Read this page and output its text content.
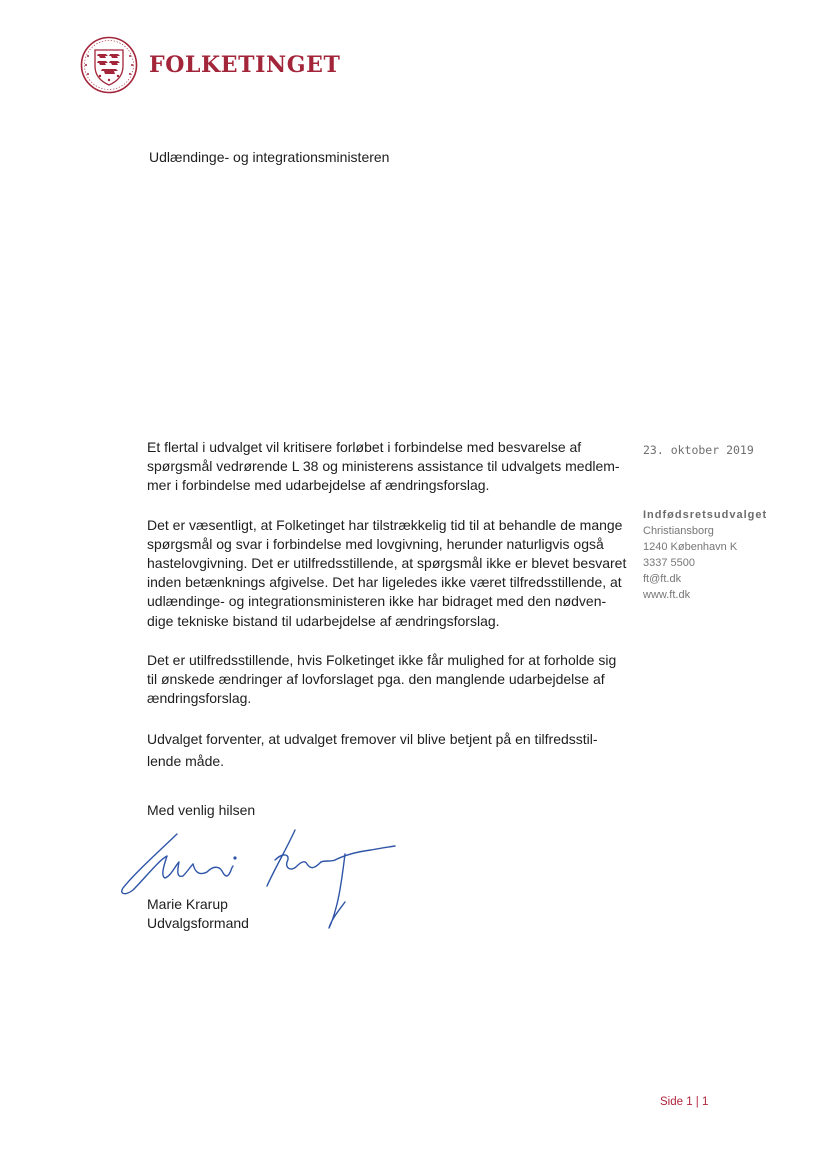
FOLKETINGET
Udlændinge- og integrationsministeren

Et flertal i udvalget vil kritisere forløbet i forbindelse med besvarelse af
spørgsmål vedrørende L 38 og ministerens assistance til udvalgets medlem-
mer i forbindelse med udarbejdelse af ændringsforslag.

Det er væsentligt, at Folketinget har tilstrækkelig tid til at behandle de mange
spørgsmål og svar i forbindelse med lovgivning, herunder naturligvis også
hastelovgivning. Det er utilfredsstillende, at spørgsmål ikke er blevet besvaret
inden betænknings afgivelse. Det har ligeledes ikke været tilfredsstillende, at
udlændinge- og integrationsministeren ikke har bidraget med den nødven-
dige tekniske bistand til udarbejdelse af ændringsforslag.

Det er utilfredsstillende, hvis Folketinget ikke får mulighed for at forholde sig
til ønskede ændringer af lovforslaget pga. den manglende udarbejdelse af
ændringsforslag.

Udvalget forventer, at udvalget fremover vil blive betjent på en tilfredsstil-
lende måde.

23. oktober 2019
Indfødsretsudvalget
Christiansborg
1240 København K
3337 5500
ft@ft.dk
www.ft.dk
Med venlig hilsen
Marie Krarup
Udvalgsformand
Side 1 | 1
